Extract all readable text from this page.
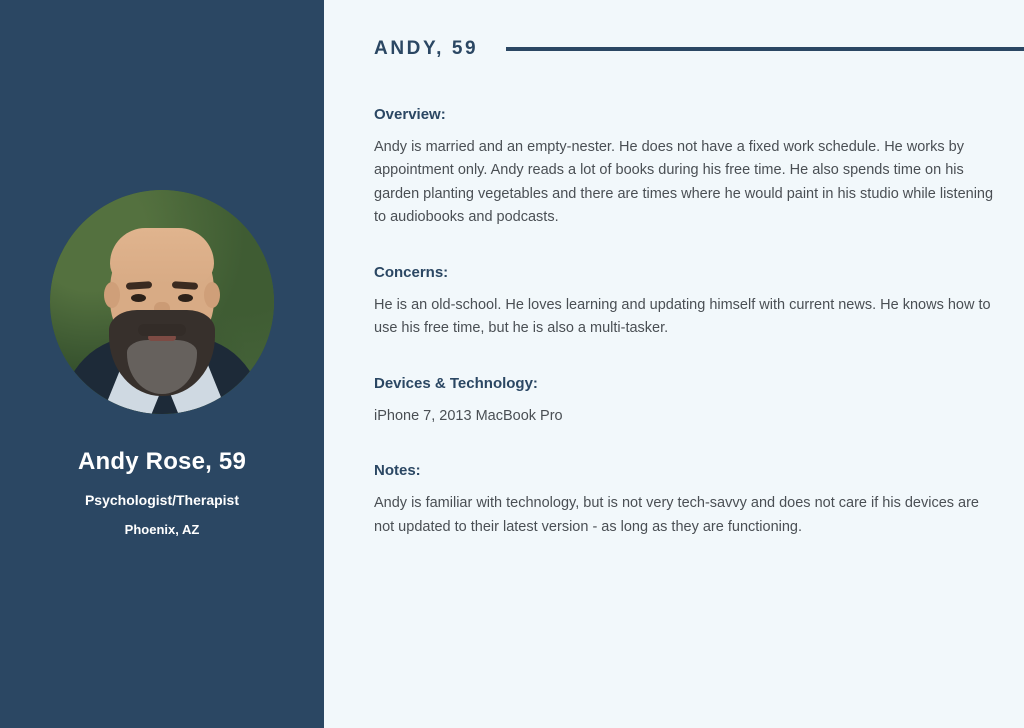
Andy Rose, 59
Psychologist/Therapist
Phoenix, AZ
ANDY, 59
Overview:

Andy is married and an empty-nester. He does not have a fixed work schedule. He works by appointment only. Andy reads a lot of books during his free time. He also spends time on his garden planting vegetables and there are times where he would paint in his studio while listening to audiobooks and podcasts.

Concerns:

He is an old-school. He loves learning and updating himself with current news. He knows how to use his free time, but he is also a multi-tasker.

Devices & Technology:

iPhone 7, 2013 MacBook Pro

Notes:

Andy is familiar with technology, but is not very tech-savvy and does not care if his devices are not updated to their latest version - as long as they are functioning.
